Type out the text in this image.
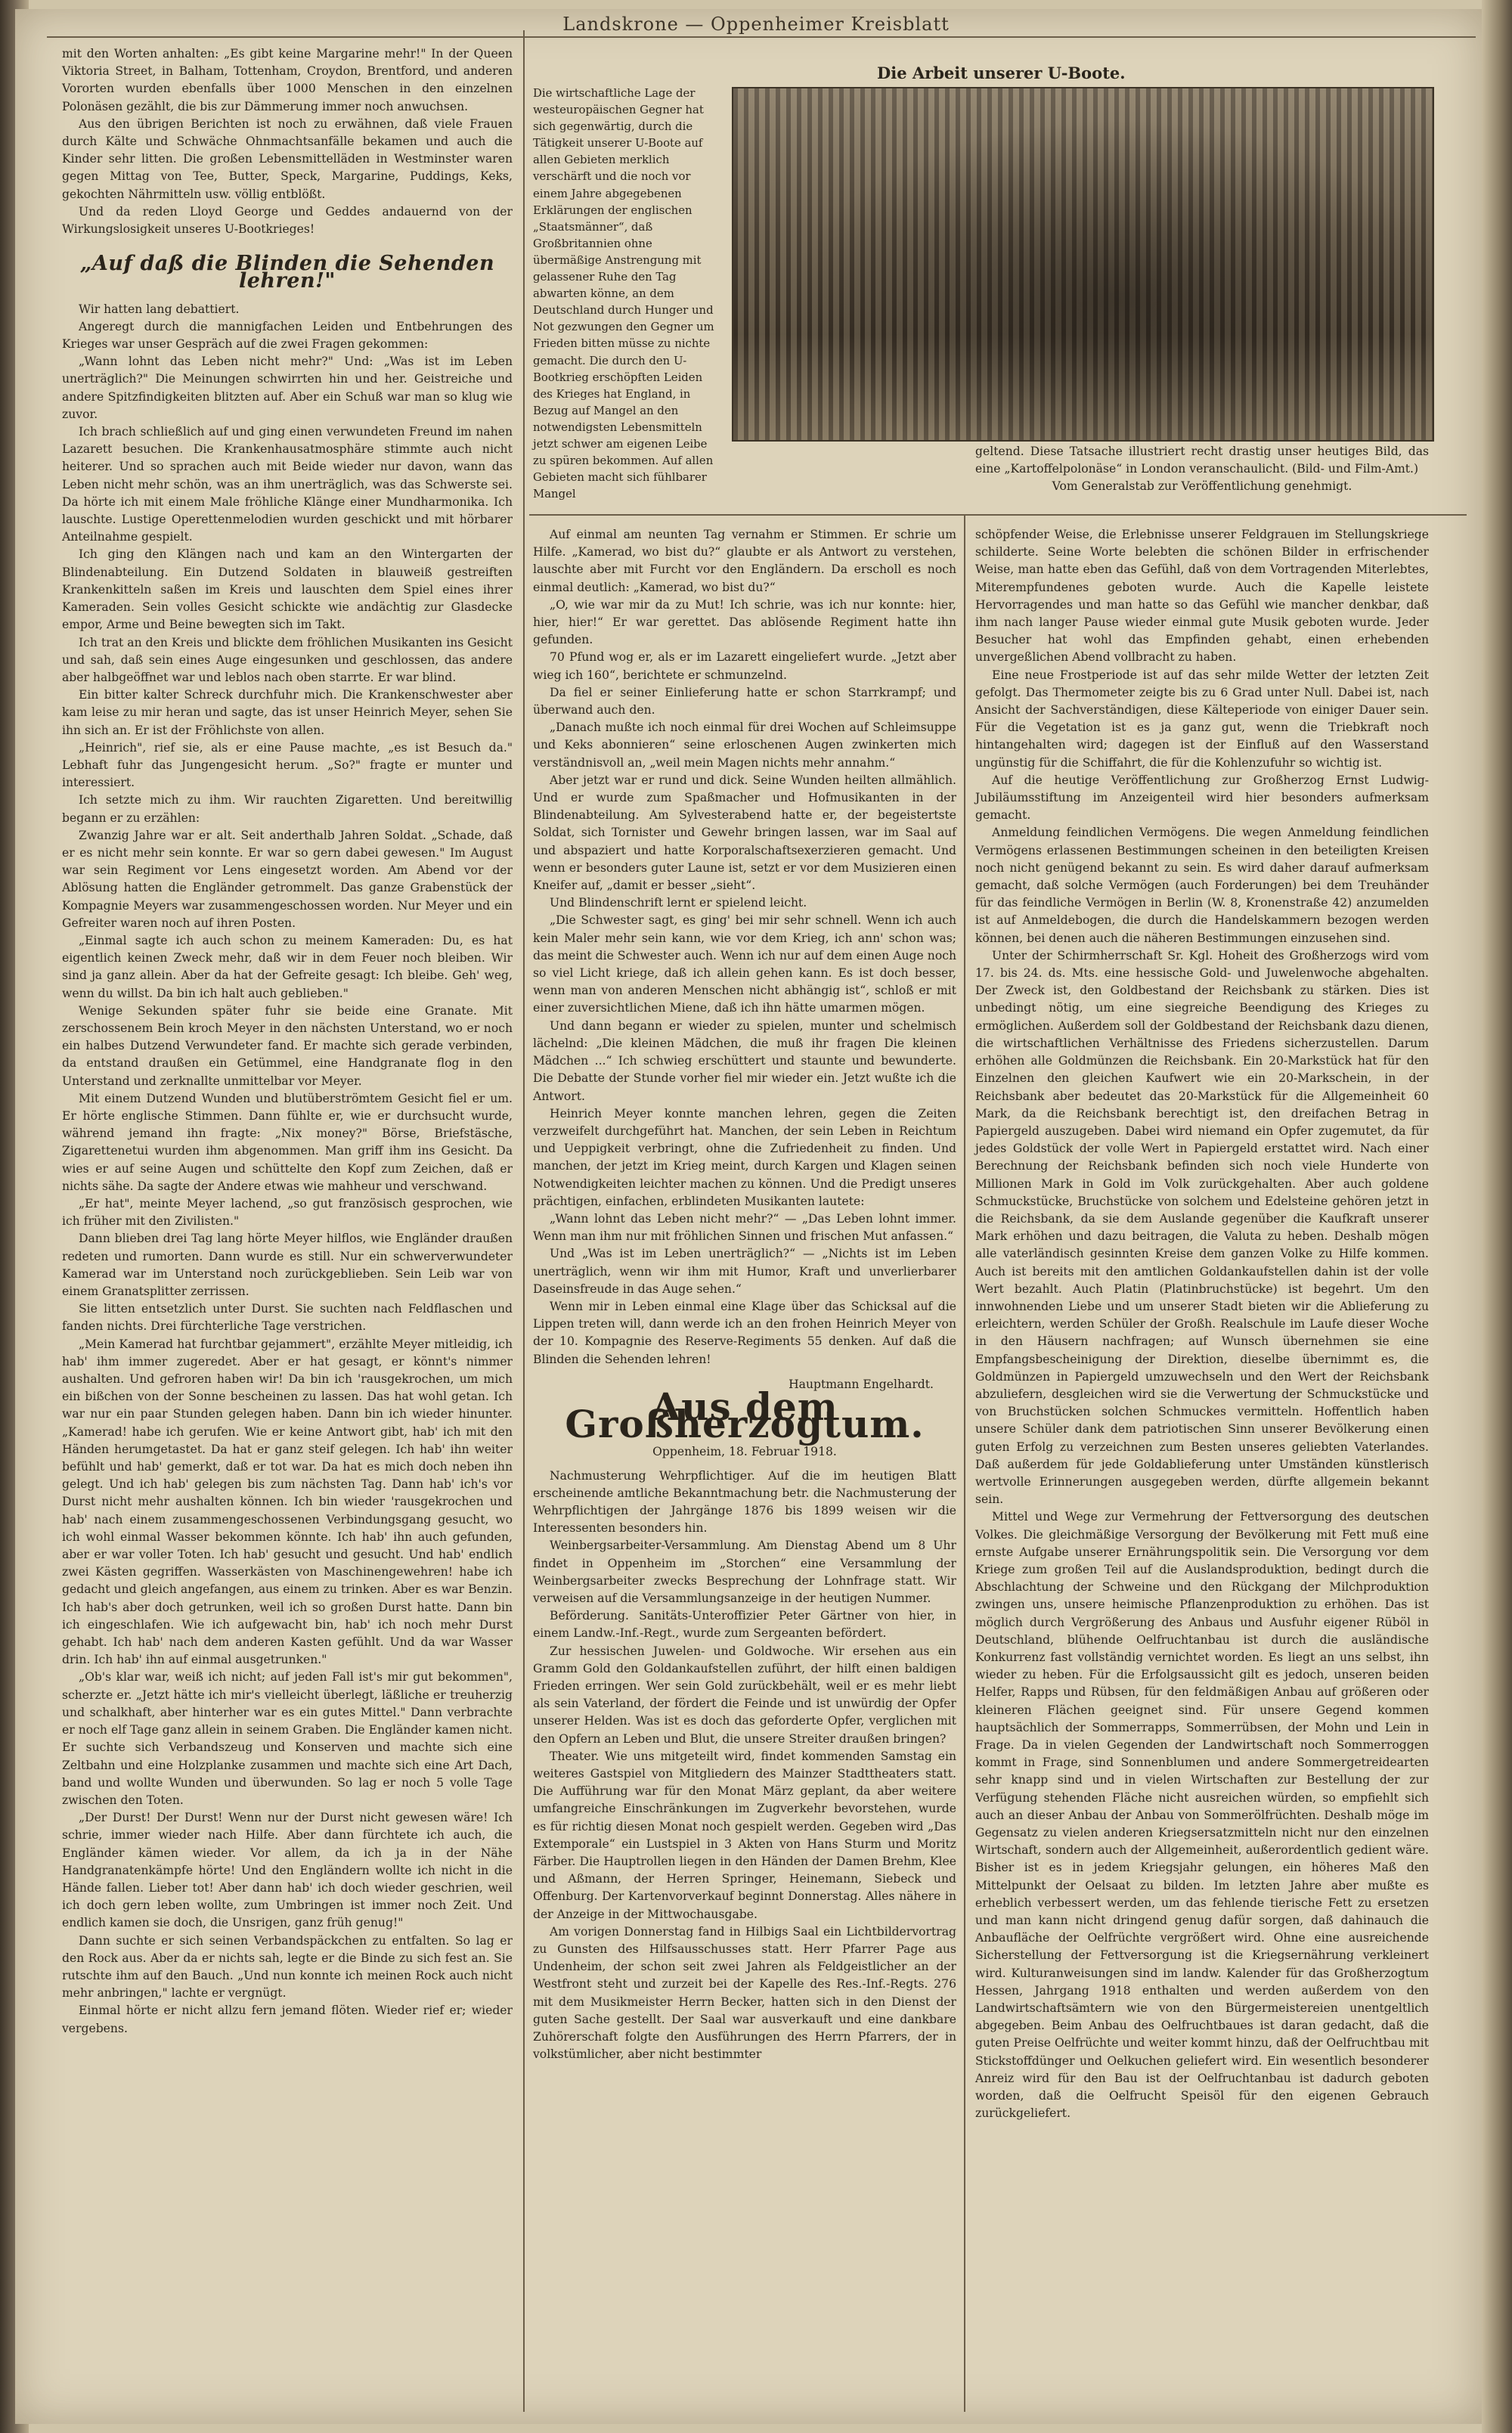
Landskrone — Oppenheimer Kreisblatt

mit den Worten anhalten: „Es gibt keine Margarine mehr!" In der Queen Viktoria Street, in Balham, Tottenham, Croydon, Brentford, und anderen Vororten wurden ebenfalls über 1000 Menschen in den einzelnen Polonäsen gezählt, die bis zur Dämmerung immer noch anwuchsen.

Aus den übrigen Berichten ist noch zu erwähnen, daß viele Frauen durch Kälte und Schwäche Ohnmachtsanfälle bekamen und auch die Kinder sehr litten. Die großen Lebensmittelläden in Westminster waren gegen Mittag von Tee, Butter, Speck, Margarine, Puddings, Keks, gekochten Nährmitteln usw. völlig entblößt.

Und da reden Lloyd George und Geddes andauernd von der Wirkungslosigkeit unseres U-Bootkrieges!

„Auf daß die Blinden die Sehenden lehren!"

Wir hatten lang debattiert.

Angeregt durch die mannigfachen Leiden und Entbehrungen des Krieges war unser Gespräch auf die zwei Fragen gekommen:

„Wann lohnt das Leben nicht mehr?" Und: „Was ist im Leben unerträglich?" Die Meinungen schwirrten hin und her. Geistreiche und andere Spitzfindigkeiten blitzten auf. Aber ein Schuß war man so klug wie zuvor.

Ich brach schließlich auf und ging einen verwundeten Freund im nahen Lazarett besuchen. Die Krankenhausatmosphäre stimmte auch nicht heiterer. Und so sprachen auch mit Beide wieder nur davon, wann das Leben nicht mehr schön, was an ihm unerträglich, was das Schwerste sei. Da hörte ich mit einem Male fröhliche Klänge einer Mundharmonika. Ich lauschte. Lustige Operettenmelodien wurden geschickt und mit hörbarer Anteilnahme gespielt.

Ich ging den Klängen nach und kam an den Wintergarten der Blindenabteilung. Ein Dutzend Soldaten in blauweiß gestreiften Krankenkitteln saßen im Kreis und lauschten dem Spiel eines ihrer Kameraden. Sein volles Gesicht schickte wie andächtig zur Glasdecke empor, Arme und Beine bewegten sich im Takt.

Ich trat an den Kreis und blickte dem fröhlichen Musikanten ins Gesicht und sah, daß sein eines Auge eingesunken und geschlossen, das andere aber halbgeöffnet war und leblos nach oben starrte. Er war blind.

Ein bitter kalter Schreck durchfuhr mich. Die Krankenschwester aber kam leise zu mir heran und sagte, das ist unser Heinrich Meyer, sehen Sie ihn sich an. Er ist der Fröhlichste von allen.

„Heinrich", rief sie, als er eine Pause machte, „es ist Besuch da." Lebhaft fuhr das Jungengesicht herum. „So?" fragte er munter und interessiert.

Ich setzte mich zu ihm. Wir rauchten Zigaretten. Und bereitwillig begann er zu erzählen:

Zwanzig Jahre war er alt. Seit anderthalb Jahren Soldat. „Schade, daß er es nicht mehr sein konnte. Er war so gern dabei gewesen." Im August war sein Regiment vor Lens eingesetzt worden. Am Abend vor der Ablösung hatten die Engländer getrommelt. Das ganze Grabenstück der Kompagnie Meyers war zusammengeschossen worden. Nur Meyer und ein Gefreiter waren noch auf ihren Posten.

„Einmal sagte ich auch schon zu meinem Kameraden: Du, es hat eigentlich keinen Zweck mehr, daß wir in dem Feuer noch bleiben. Wir sind ja ganz allein. Aber da hat der Gefreite gesagt: Ich bleibe. Geh' weg, wenn du willst. Da bin ich halt auch geblieben."

Wenige Sekunden später fuhr sie beide eine Granate. Mit zerschossenem Bein kroch Meyer in den nächsten Unterstand, wo er noch ein halbes Dutzend Verwundeter fand. Er machte sich gerade verbinden, da entstand draußen ein Getümmel, eine Handgranate flog in den Unterstand und zerknallte unmittelbar vor Meyer.

Mit einem Dutzend Wunden und blutüberströmtem Gesicht fiel er um. Er hörte englische Stimmen. Dann fühlte er, wie er durchsucht wurde, während jemand ihn fragte: „Nix money?" Börse, Briefstäsche, Zigarettenetui wurden ihm abgenommen. Man griff ihm ins Gesicht. Da wies er auf seine Augen und schüttelte den Kopf zum Zeichen, daß er nichts sähe. Da sagte der Andere etwas wie mahheur und verschwand.

„Er hat", meinte Meyer lachend, „so gut französisch gesprochen, wie ich früher mit den Zivilisten."

Dann blieben drei Tag lang hörte Meyer hilflos, wie Engländer draußen redeten und rumorten. Dann wurde es still. Nur ein schwerverwundeter Kamerad war im Unterstand noch zurückgeblieben. Sein Leib war von einem Granatsplitter zerrissen.

Sie litten entsetzlich unter Durst. Sie suchten nach Feldflaschen und fanden nichts. Drei fürchterliche Tage verstrichen.

„Mein Kamerad hat furchtbar gejammert", erzählte Meyer mitleidig, ich hab' ihm immer zugeredet. Aber er hat gesagt, er könnt's nimmer aushalten. Und gefroren haben wir! Da bin ich 'rausgekrochen, um mich ein bißchen von der Sonne bescheinen zu lassen. Das hat wohl getan. Ich war nur ein paar Stunden gelegen haben. Dann bin ich wieder hinunter. „Kamerad! habe ich gerufen. Wie er keine Antwort gibt, hab' ich mit den Händen herumgetastet. Da hat er ganz steif gelegen. Ich hab' ihn weiter befühlt und hab' gemerkt, daß er tot war. Da hat es mich doch neben ihn gelegt. Und ich hab' gelegen bis zum nächsten Tag. Dann hab' ich's vor Durst nicht mehr aushalten können. Ich bin wieder 'rausgekrochen und hab' nach einem zusammengeschossenen Verbindungsgang gesucht, wo ich wohl einmal Wasser bekommen könnte. Ich hab' ihn auch gefunden, aber er war voller Toten. Ich hab' gesucht und gesucht. Und hab' endlich zwei Kästen gegriffen. Wasserkästen von Maschinengewehren! habe ich gedacht und gleich angefangen, aus einem zu trinken. Aber es war Benzin. Ich hab's aber doch getrunken, weil ich so großen Durst hatte. Dann bin ich eingeschlafen. Wie ich aufgewacht bin, hab' ich noch mehr Durst gehabt. Ich hab' nach dem anderen Kasten gefühlt. Und da war Wasser drin. Ich hab' ihn auf einmal ausgetrunken."

„Ob's klar war, weiß ich nicht; auf jeden Fall ist's mir gut bekommen", scherzte er. „Jetzt hätte ich mir's vielleicht überlegt, läßliche er treuherzig und schalkhaft, aber hinterher war es ein gutes Mittel." Dann verbrachte er noch elf Tage ganz allein in seinem Graben. Die Engländer kamen nicht. Er suchte sich Verbandszeug und Konserven und machte sich eine Zeltbahn und eine Holzplanke zusammen und machte sich eine Art Dach, band und wollte Wunden und überwunden. So lag er noch 5 volle Tage zwischen den Toten.

„Der Durst! Der Durst! Wenn nur der Durst nicht gewesen wäre! Ich schrie, immer wieder nach Hilfe. Aber dann fürchtete ich auch, die Engländer kämen wieder. Vor allem, da ich ja in der Nähe Handgranatenkämpfe hörte! Und den Engländern wollte ich nicht in die Hände fallen. Lieber tot! Aber dann hab' ich doch wieder geschrien, weil ich doch gern leben wollte, zum Umbringen ist immer noch Zeit. Und endlich kamen sie doch, die Unsrigen, ganz früh genug!"

Dann suchte er sich seinen Verbandspäckchen zu entfalten. So lag er den Rock aus. Aber da er nichts sah, legte er die Binde zu sich fest an. Sie rutschte ihm auf den Bauch. „Und nun konnte ich meinen Rock auch nicht mehr anbringen," lachte er vergnügt.

Einmal hörte er nicht allzu fern jemand flöten. Wieder rief er; wieder vergebens.

Die wirtschaftliche Lage der westeuropäischen Gegner hat sich gegenwärtig, durch die Tätigkeit unserer U-Boote auf allen Gebieten merklich verschärft und die noch vor einem Jahre abgegebenen Erklärungen der englischen „Staatsmänner“, daß Großbritannien ohne übermäßige Anstrengung mit gelassener Ruhe den Tag abwarten könne, an dem Deutschland durch Hunger und Not gezwungen den Gegner um Frieden bitten müsse zu nichte gemacht. Die durch den U-Bootkrieg erschöpften Leiden des Krieges hat England, in Bezug auf Mangel an den notwendigsten Lebensmitteln jetzt schwer am eigenen Leibe zu spüren bekommen. Auf allen Gebieten macht sich fühlbarer Mangel
Die Arbeit unserer U-Boote.
geltend. Diese Tatsache illustriert recht drastig unser heutiges Bild, das eine „Kartoffelpolonäse“ in London veranschaulicht. (Bild- und Film-Amt.)

Vom Generalstab zur Veröffentlichung genehmigt.

Auf einmal am neunten Tag vernahm er Stimmen. Er schrie um Hilfe. „Kamerad, wo bist du?“ glaubte er als Antwort zu verstehen, lauschte aber mit Furcht vor den Engländern. Da erscholl es noch einmal deutlich: „Kamerad, wo bist du?“

„O, wie war mir da zu Mut! Ich schrie, was ich nur konnte: hier, hier, hier!“ Er war gerettet. Das ablösende Regiment hatte ihn gefunden.

70 Pfund wog er, als er im Lazarett eingeliefert wurde. „Jetzt aber wieg ich 160“, berichtete er schmunzelnd.

Da fiel er seiner Einlieferung hatte er schon Starrkrampf; und überwand auch den.

„Danach mußte ich noch einmal für drei Wochen auf Schleimsuppe und Keks abonnieren“ seine erloschenen Augen zwinkerten mich verständnisvoll an, „weil mein Magen nichts mehr annahm.“

Aber jetzt war er rund und dick. Seine Wunden heilten allmählich. Und er wurde zum Spaßmacher und Hofmusikanten in der Blindenabteilung. Am Sylvesterabend hatte er, der begeistertste Soldat, sich Tornister und Gewehr bringen lassen, war im Saal auf und abspaziert und hatte Korporalschaftsexerzieren gemacht. Und wenn er besonders guter Laune ist, setzt er vor dem Musizieren einen Kneifer auf, „damit er besser „sieht“.

Und Blindenschrift lernt er spielend leicht.

„Die Schwester sagt, es ging' bei mir sehr schnell. Wenn ich auch kein Maler mehr sein kann, wie vor dem Krieg, ich ann' schon was; das meint die Schwester auch. Wenn ich nur auf dem einen Auge noch so viel Licht kriege, daß ich allein gehen kann. Es ist doch besser, wenn man von anderen Menschen nicht abhängig ist“, schloß er mit einer zuversichtlichen Miene, daß ich ihn hätte umarmen mögen.

Und dann begann er wieder zu spielen, munter und schelmisch lächelnd: „Die kleinen Mädchen, die muß ihr fragen Die kleinen Mädchen ...“ Ich schwieg erschüttert und staunte und bewunderte. Die Debatte der Stunde vorher fiel mir wieder ein. Jetzt wußte ich die Antwort.

Heinrich Meyer konnte manchen lehren, gegen die Zeiten verzweifelt durchgeführt hat. Manchen, der sein Leben in Reichtum und Ueppigkeit verbringt, ohne die Zufriedenheit zu finden. Und manchen, der jetzt im Krieg meint, durch Kargen und Klagen seinen Notwendigkeiten leichter machen zu können. Und die Predigt unseres prächtigen, einfachen, erblindeten Musikanten lautete:

„Wann lohnt das Leben nicht mehr?“ — „Das Leben lohnt immer. Wenn man ihm nur mit fröhlichen Sinnen und frischen Mut anfassen.“

Und „Was ist im Leben unerträglich?“ — „Nichts ist im Leben unerträglich, wenn wir ihm mit Humor, Kraft und unverlierbarer Daseinsfreude in das Auge sehen.“

Wenn mir in Leben einmal eine Klage über das Schicksal auf die Lippen treten will, dann werde ich an den frohen Heinrich Meyer von der 10. Kompagnie des Reserve-Regiments 55 denken. Auf daß die Blinden die Sehenden lehren!

Hauptmann Engelhardt.
Aus dem Großherzogtum.
Oppenheim, 18. Februar 1918.

Nachmusterung Wehrpflichtiger. Auf die im heutigen Blatt erscheinende amtliche Bekanntmachung betr. die Nachmusterung der Wehrpflichtigen der Jahrgänge 1876 bis 1899 weisen wir die Interessenten besonders hin.

Weinbergsarbeiter-Versammlung. Am Dienstag Abend um 8 Uhr findet in Oppenheim im „Storchen“ eine Versammlung der Weinbergsarbeiter zwecks Besprechung der Lohnfrage statt. Wir verweisen auf die Versammlungsanzeige in der heutigen Nummer.

Beförderung. Sanitäts-Unteroffizier Peter Gärtner von hier, in einem Landw.-Inf.-Regt., wurde zum Sergeanten befördert.

Zur hessischen Juwelen- und Goldwoche. Wir ersehen aus ein Gramm Gold den Goldankaufstellen zuführt, der hilft einen baldigen Frieden erringen. Wer sein Gold zurückbehält, weil er es mehr liebt als sein Vaterland, der fördert die Feinde und ist unwürdig der Opfer unserer Helden. Was ist es doch das geforderte Opfer, verglichen mit den Opfern an Leben und Blut, die unsere Streiter draußen bringen?

Theater. Wie uns mitgeteilt wird, findet kommenden Samstag ein weiteres Gastspiel von Mitgliedern des Mainzer Stadttheaters statt. Die Aufführung war für den Monat März geplant, da aber weitere umfangreiche Einschränkungen im Zugverkehr bevorstehen, wurde es für richtig diesen Monat noch gespielt werden. Gegeben wird „Das Extemporale“ ein Lustspiel in 3 Akten von Hans Sturm und Moritz Färber. Die Hauptrollen liegen in den Händen der Damen Brehm, Klee und Aßmann, der Herren Springer, Heinemann, Siebeck und Offenburg. Der Kartenvorverkauf beginnt Donnerstag. Alles nähere in der Anzeige in der Mittwochausgabe.

Am vorigen Donnerstag fand in Hilbigs Saal ein Lichtbildervortrag zu Gunsten des Hilfsausschusses statt. Herr Pfarrer Page aus Undenheim, der schon seit zwei Jahren als Feldgeistlicher an der Westfront steht und zurzeit bei der Kapelle des Res.-Inf.-Regts. 276 mit dem Musikmeister Herrn Becker, hatten sich in den Dienst der guten Sache gestellt. Der Saal war ausverkauft und eine dankbare Zuhörerschaft folgte den Ausführungen des Herrn Pfarrers, der in volkstümlicher, aber nicht bestimmter

schöpfender Weise, die Erlebnisse unserer Feldgrauen im Stellungskriege schilderte. Seine Worte belebten die schönen Bilder in erfrischender Weise, man hatte eben das Gefühl, daß von dem Vortragenden Miterlebtes, Miterempfundenes geboten wurde. Auch die Kapelle leistete Hervorragendes und man hatte so das Gefühl wie mancher denkbar, daß ihm nach langer Pause wieder einmal gute Musik geboten wurde. Jeder Besucher hat wohl das Empfinden gehabt, einen erhebenden unvergeßlichen Abend vollbracht zu haben.

Eine neue Frostperiode ist auf das sehr milde Wetter der letzten Zeit gefolgt. Das Thermometer zeigte bis zu 6 Grad unter Null. Dabei ist, nach Ansicht der Sachverständigen, diese Kälteperiode von einiger Dauer sein. Für die Vegetation ist es ja ganz gut, wenn die Triebkraft noch hintangehalten wird; dagegen ist der Einfluß auf den Wasserstand ungünstig für die Schiffahrt, die für die Kohlenzufuhr so wichtig ist.

Auf die heutige Veröffentlichung zur Großherzog Ernst Ludwig-Jubiläumsstiftung im Anzeigenteil wird hier besonders aufmerksam gemacht.

Anmeldung feindlichen Vermögens. Die wegen Anmeldung feindlichen Vermögens erlassenen Bestimmungen scheinen in den beteiligten Kreisen noch nicht genügend bekannt zu sein. Es wird daher darauf aufmerksam gemacht, daß solche Vermögen (auch Forderungen) bei dem Treuhänder für das feindliche Vermögen in Berlin (W. 8, Kronenstraße 42) anzumelden ist auf Anmeldebogen, die durch die Handelskammern bezogen werden können, bei denen auch die näheren Bestimmungen einzusehen sind.

Unter der Schirmherrschaft Sr. Kgl. Hoheit des Großherzogs wird vom 17. bis 24. ds. Mts. eine hessische Gold- und Juwelenwoche abgehalten. Der Zweck ist, den Goldbestand der Reichsbank zu stärken. Dies ist unbedingt nötig, um eine siegreiche Beendigung des Krieges zu ermöglichen. Außerdem soll der Goldbestand der Reichsbank dazu dienen, die wirtschaftlichen Verhältnisse des Friedens sicherzustellen. Darum erhöhen alle Goldmünzen die Reichsbank. Ein 20-Markstück hat für den Einzelnen den gleichen Kaufwert wie ein 20-Markschein, in der Reichsbank aber bedeutet das 20-Markstück für die Allgemeinheit 60 Mark, da die Reichsbank berechtigt ist, den dreifachen Betrag in Papiergeld auszugeben. Dabei wird niemand ein Opfer zugemutet, da für jedes Goldstück der volle Wert in Papiergeld erstattet wird. Nach einer Berechnung der Reichsbank befinden sich noch viele Hunderte von Millionen Mark in Gold im Volk zurückgehalten. Aber auch goldene Schmuckstücke, Bruchstücke von solchem und Edelsteine gehören jetzt in die Reichsbank, da sie dem Auslande gegenüber die Kaufkraft unserer Mark erhöhen und dazu beitragen, die Valuta zu heben. Deshalb mögen alle vaterländisch gesinnten Kreise dem ganzen Volke zu Hilfe kommen. Auch ist bereits mit den amtlichen Goldankaufstellen dahin ist der volle Wert bezahlt. Auch Platin (Platinbruchstücke) ist begehrt. Um den innwohnenden Liebe und um unserer Stadt bieten wir die Ablieferung zu erleichtern, werden Schüler der Großh. Realschule im Laufe dieser Woche in den Häusern nachfragen; auf Wunsch übernehmen sie eine Empfangsbescheinigung der Direktion, dieselbe übernimmt es, die Goldmünzen in Papiergeld umzuwechseln und den Wert der Reichsbank abzuliefern, desgleichen wird sie die Verwertung der Schmuckstücke und von Bruchstücken solchen Schmuckes vermitteln. Hoffentlich haben unsere Schüler dank dem patriotischen Sinn unserer Bevölkerung einen guten Erfolg zu verzeichnen zum Besten unseres geliebten Vaterlandes. Daß außerdem für jede Goldablieferung unter Umständen künstlerisch wertvolle Erinnerungen ausgegeben werden, dürfte allgemein bekannt sein.

Mittel und Wege zur Vermehrung der Fettversorgung des deutschen Volkes. Die gleichmäßige Versorgung der Bevölkerung mit Fett muß eine ernste Aufgabe unserer Ernährungspolitik sein. Die Versorgung vor dem Kriege zum großen Teil auf die Auslandsproduktion, bedingt durch die Abschlachtung der Schweine und den Rückgang der Milchproduktion zwingen uns, unsere heimische Pflanzenproduktion zu erhöhen. Das ist möglich durch Vergrößerung des Anbaus und Ausfuhr eigener Rüböl in Deutschland, blühende Oelfruchtanbau ist durch die ausländische Konkurrenz fast vollständig vernichtet worden. Es liegt an uns selbst, ihn wieder zu heben. Für die Erfolgsaussicht gilt es jedoch, unseren beiden Helfer, Rapps und Rübsen, für den feldmäßigen Anbau auf größeren oder kleineren Flächen geeignet sind. Für unsere Gegend kommen hauptsächlich der Sommerrapps, Sommerrübsen, der Mohn und Lein in Frage. Da in vielen Gegenden der Landwirtschaft noch Sommerroggen kommt in Frage, sind Sonnenblumen und andere Sommergetreidearten sehr knapp sind und in vielen Wirtschaften zur Bestellung der zur Verfügung stehenden Fläche nicht ausreichen würden, so empfiehlt sich auch an dieser Anbau der Anbau von Sommerölfrüchten. Deshalb möge im Gegensatz zu vielen anderen Kriegsersatzmitteln nicht nur den einzelnen Wirtschaft, sondern auch der Allgemeinheit, außerordentlich gedient wäre. Bisher ist es in jedem Kriegsjahr gelungen, ein höheres Maß den Mittelpunkt der Oelsaat zu bilden. Im letzten Jahre aber mußte es erheblich verbessert werden, um das fehlende tierische Fett zu ersetzen und man kann nicht dringend genug dafür sorgen, daß dahinauch die Anbaufläche der Oelfrüchte vergrößert wird. Ohne eine ausreichende Sicherstellung der Fettversorgung ist die Kriegsernährung verkleinert wird. Kulturanweisungen sind im landw. Kalender für das Großherzogtum Hessen, Jahrgang 1918 enthalten und werden außerdem von den Landwirtschaftsämtern wie von den Bürgermeistereien unentgeltlich abgegeben. Beim Anbau des Oelfruchtbaues ist daran gedacht, daß die guten Preise Oelfrüchte und weiter kommt hinzu, daß der Oelfruchtbau mit Stickstoffdünger und Oelkuchen geliefert wird. Ein wesentlich besonderer Anreiz wird für den Bau ist der Oelfruchtanbau ist dadurch geboten worden, daß die Oelfrucht Speisöl für den eigenen Gebrauch zurückgeliefert.
